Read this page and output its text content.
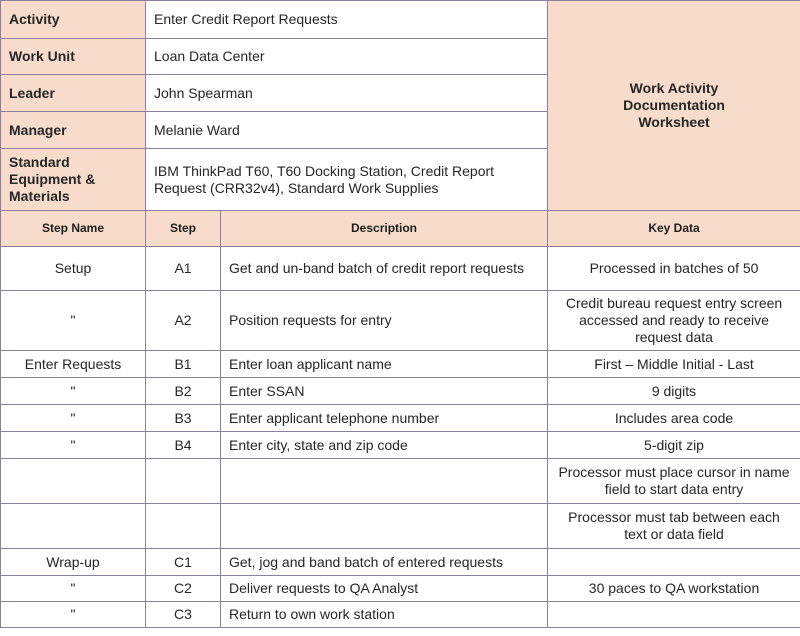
Activity	Enter Credit Report Requests		Work Activity
Documentation
Worksheet

Work Unit	Loan Data Center		
Leader	John Spearman		
Manager	Melanie Ward		
Standard Equipment & Materials	IBM ThinkPad T60, T60 Docking Station, Credit Report Request (CRR32v4), Standard Work Supplies		
Step Name	Step	Description	Key Data
Setup	A1	Get and un-band batch of credit report requests	Processed in batches of 50
"	A2	Position requests for entry	Credit bureau request entry screen accessed and ready to receive request data
Enter Requests	B1	Enter loan applicant name	First – Middle Initial - Last
"	B2	Enter SSAN	9 digits
"	B3	Enter applicant telephone number	Includes area code
"	B4	Enter city, state and zip code	5-digit zip
			Processor must place cursor in name field to start data entry
			Processor must tab between each text or data field
Wrap-up	C1	Get, jog and band batch of entered requests	
"	C2	Deliver requests to QA Analyst	30 paces to QA workstation
"	C3	Return to own work station	
